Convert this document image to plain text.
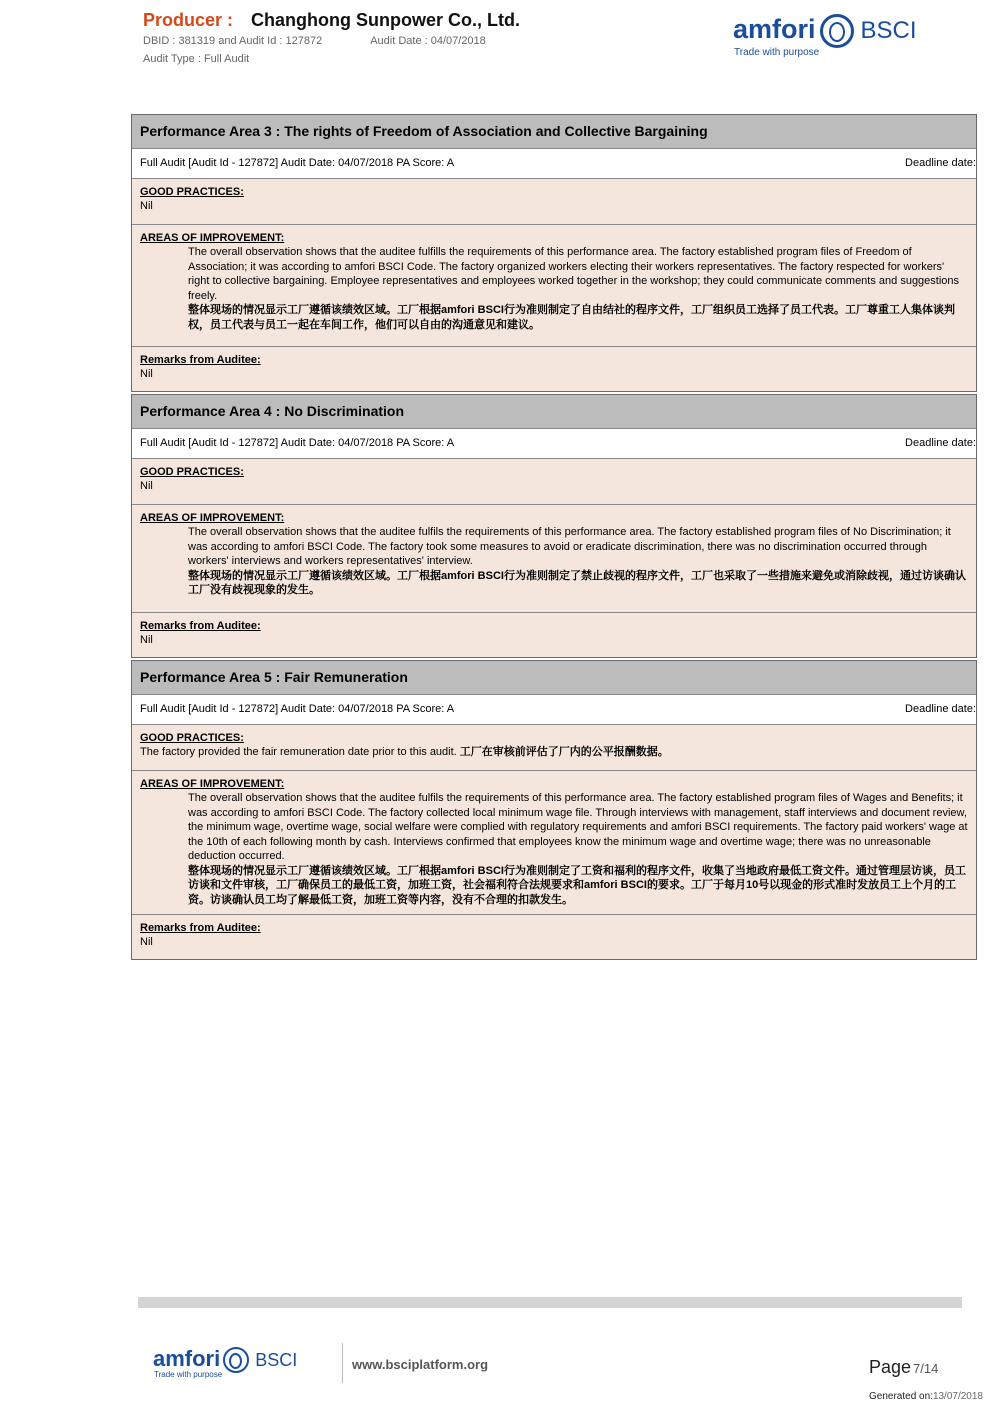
Producer : Changhong Sunpower Co., Ltd.
DBID : 381319 and Audit Id : 127872	Audit Date : 04/07/2018
Audit Type : Full Audit
amfori BSCI
Trade with purpose
Performance Area 3 : The rights of Freedom of Association and Collective Bargaining
Full Audit [Audit Id - 127872] Audit Date: 04/07/2018 PA Score: A	Deadline date:
GOOD PRACTICES:
Nil
AREAS OF IMPROVEMENT:
The overall observation shows that the auditee fulfills the requirements of this performance area. The factory established program files of Freedom of Association; it was according to amfori BSCI Code. The factory organized workers electing their workers representatives. The factory respected for workers' right to collective bargaining. Employee representatives and employees worked together in the workshop; they could communicate comments and suggestions freely.
整体现场的情况显示工厂遵循该绩效区域。工厂根据amfori BSCI行为准则制定了自由结社的程序文件，工厂组织员工选择了员工代表。工厂尊重工人集体谈判权，员工代表与员工一起在车间工作，他们可以自由的沟通意见和建议。
Remarks from Auditee:
Nil
Performance Area 4 : No Discrimination
Full Audit [Audit Id - 127872] Audit Date: 04/07/2018 PA Score: A	Deadline date:
GOOD PRACTICES:
Nil
AREAS OF IMPROVEMENT:
The overall observation shows that the auditee fulfils the requirements of this performance area. The factory established program files of No Discrimination; it was according to amfori BSCI Code. The factory took some measures to avoid or eradicate discrimination, there was no discrimination occurred through workers' interviews and workers representatives' interview.
整体现场的情况显示工厂遵循该绩效区域。工厂根据amfori BSCI行为准则制定了禁止歧视的程序文件，工厂也采取了一些措施来避免或消除歧视，通过访谈确认工厂没有歧视现象的发生。
Remarks from Auditee:
Nil
Performance Area 5 : Fair Remuneration
Full Audit [Audit Id - 127872] Audit Date: 04/07/2018 PA Score: A	Deadline date:
GOOD PRACTICES:
The factory provided the fair remuneration date prior to this audit. 工厂在审核前评估了厂内的公平报酬数据。
AREAS OF IMPROVEMENT:
The overall observation shows that the auditee fulfils the requirements of this performance area. The factory established program files of Wages and Benefits; it was according to amfori BSCI Code. The factory collected local minimum wage file. Through interviews with management, staff interviews and document review, the minimum wage, overtime wage, social welfare were complied with regulatory requirements and amfori BSCI requirements. The factory paid workers' wage at the 10th of each following month by cash. Interviews confirmed that employees know the minimum wage and overtime wage; there was no unreasonable deduction occurred.
整体现场的情况显示工厂遵循该绩效区域。工厂根据amfori BSCI行为准则制定了工资和福利的程序文件，收集了当地政府最低工资文件。通过管理层访谈，员工访谈和文件审核，工厂确保员工的最低工资，加班工资，社会福利符合法规要求和amfori BSCI的要求。工厂于每月10号以现金的形式准时发放员工上个月的工资。访谈确认员工均了解最低工资，加班工资等内容，没有不合理的扣款发生。
Remarks from Auditee:
Nil
amfori BSCI
Trade with purpose
www.bsciplatform.org	Page 7/14
Generated on:13/07/2018
